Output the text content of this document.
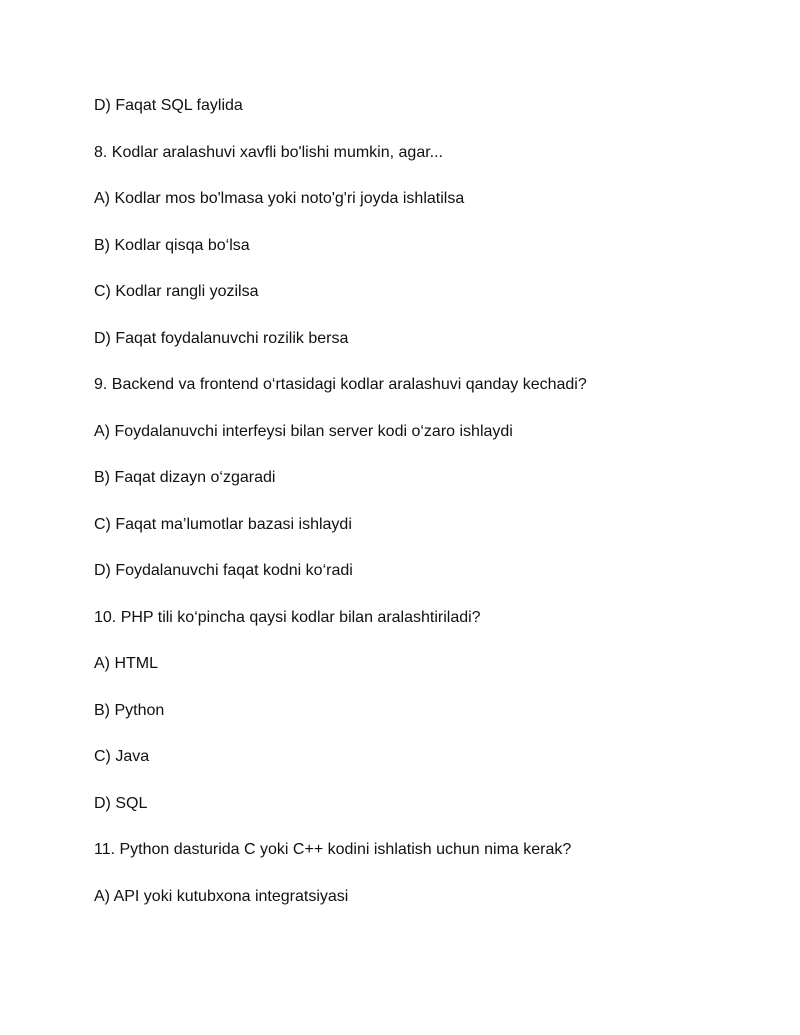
D) Faqat SQL faylida
8. Kodlar aralashuvi xavfli bo'lishi mumkin, agar...
A) Kodlar mos bo'lmasa yoki noto'g'ri joyda ishlatilsa
B) Kodlar qisqa bo‘lsa
C) Kodlar rangli yozilsa
D) Faqat foydalanuvchi rozilik bersa
9. Backend va frontend o‘rtasidagi kodlar aralashuvi qanday kechadi?
A) Foydalanuvchi interfeysi bilan server kodi o‘zaro ishlaydi
B) Faqat dizayn o‘zgaradi
C) Faqat ma’lumotlar bazasi ishlaydi
D) Foydalanuvchi faqat kodni ko‘radi
10. PHP tili ko‘pincha qaysi kodlar bilan aralashtiriladi?
A) HTML
B) Python
C) Java
D) SQL
11. Python dasturida C yoki C++ kodini ishlatish uchun nima kerak?
A) API yoki kutubxona integratsiyasi
